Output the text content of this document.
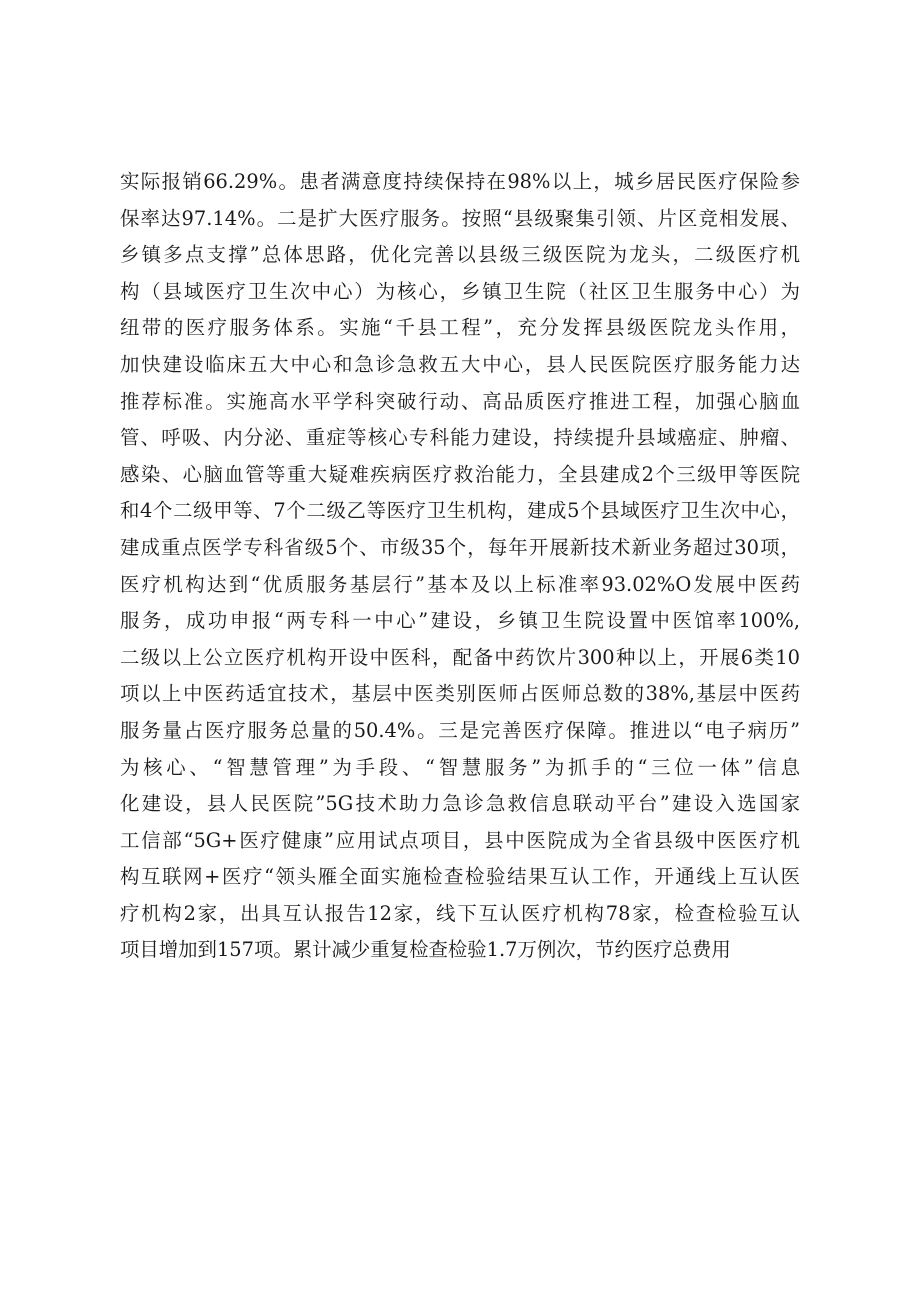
实际报销66.29%。患者满意度持续保持在98%以上，城乡居民医疗保险参
保率达97.14%。二是扩大医疗服务。按照“县级聚集引领、片区竞相发展、
乡镇多点支撑”总体思路，优化完善以县级三级医院为龙头，二级医疗机
构（县域医疗卫生次中心）为核心，乡镇卫生院（社区卫生服务中心）为
纽带的医疗服务体系。实施“千县工程”，充分发挥县级医院龙头作用，
加快建设临床五大中心和急诊急救五大中心，县人民医院医疗服务能力达
推荐标准。实施高水平学科突破行动、高品质医疗推进工程，加强心脑血
管、呼吸、内分泌、重症等核心专科能力建设，持续提升县域癌症、肿瘤、
感染、心脑血管等重大疑难疾病医疗救治能力，全县建成2个三级甲等医院
和4个二级甲等、7个二级乙等医疗卫生机构，建成5个县域医疗卫生次中心，
建成重点医学专科省级5个、市级35个，每年开展新技术新业务超过30项，
医疗机构达到“优质服务基层行”基本及以上标准率93.02%O发展中医药
服务，成功申报“两专科一中心”建设，乡镇卫生院设置中医馆率100%,
二级以上公立医疗机构开设中医科，配备中药饮片300种以上，开展6类10
项以上中医药适宜技术，基层中医类别医师占医师总数的38%,基层中医药
服务量占医疗服务总量的50.4%。三是完善医疗保障。推进以“电子病历”
为核心、“智慧管理”为手段、“智慧服务”为抓手的“三位一体”信息
化建设，县人民医院”5G技术助力急诊急救信息联动平台”建设入选国家
工信部“5G+医疗健康”应用试点项目，县中医院成为全省县级中医医疗机
构互联网+医疗“领头雁全面实施检查检验结果互认工作，开通线上互认医
疗机构2家，出具互认报告12家，线下互认医疗机构78家，检查检验互认
项目增加到157项。累计减少重复检查检验1.7万例次，节约医疗总费用
